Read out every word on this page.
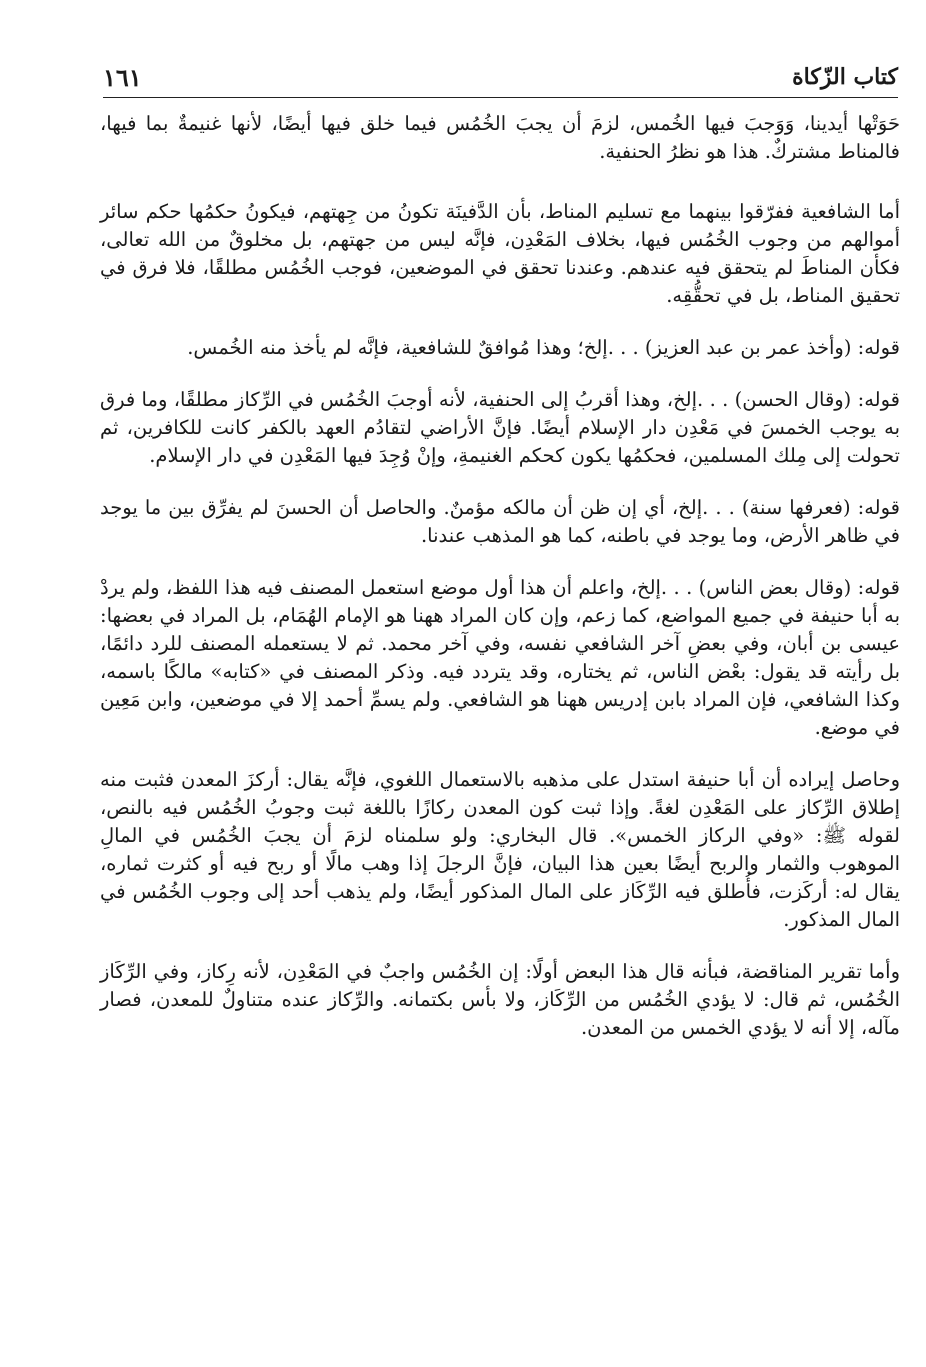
كتاب الزّكاة
١٦١

حَوَتْها أيدينا، وَوَجبَ فيها الخُمس، لزمَ أن يجبَ الخُمُس فيما خلق فيها أيضًا، لأنها غنيمةٌ بما فيها، فالمناط مشتركٌ. هذا هو نظرُ الحنفية.

أما الشافعية ففرّقوا بينهما مع تسليم المناط، بأن الدَّفينَة تكونُ من جِهتهم، فيكونُ حكمُها حكم سائر أموالهم من وجوب الخُمُس فيها، بخلاف المَعْدِن، فإنَّه ليس من جهتهم، بل مخلوقٌ من الله تعالى، فكأن المناطَ لم يتحقق فيه عندهم. وعندنا تحقق في الموضعين، فوجب الخُمُس مطلقًا، فلا فرق في تحقيق المناط، بل في تحقُّقِه.

قوله: (وأخذ عمر بن عبد العزيز) . . .إلخ؛ وهذا مُوافقٌ للشافعية، فإنَّه لم يأخذ منه الخُمس.

قوله: (وقال الحسن) . . .إلخ، وهذا أقربُ إلى الحنفية، لأنه أوجبَ الخُمُس في الرِّكاز مطلقًا، وما فرق به يوجب الخمسَ في مَعْدِن دار الإسلام أيضًا. فإنَّ الأراضي لتقادُم العهد بالكفر كانت للكافرين، ثم تحولت إلى مِلك المسلمين، فحكمُها يكون كحكم الغنيمةِ، وإنْ وُجِدَ فيها المَعْدِن في دار الإسلام.

قوله: (فعرفها سنة) . . .إلخ، أي إن ظن أن مالكه مؤمنٌ. والحاصل أن الحسنَ لم يفرِّق بين ما يوجد في ظاهر الأرض، وما يوجد في باطنه، كما هو المذهب عندنا.

قوله: (وقال بعض الناس) . . .إلخ، واعلم أن هذا أول موضع استعمل المصنف فيه هذا اللفظ، ولم يردْ به أبا حنيفة في جميع المواضع، كما زعم، وإن كان المراد ههنا هو الإمام الهُمَام، بل المراد في بعضها: عيسى بن أبان، وفي بعضِ آخر الشافعي نفسه، وفي آخر محمد. ثم لا يستعمله المصنف للرد دائمًا، بل رأيته قد يقول: بعْض الناس، ثم يختاره، وقد يتردد فيه. وذكر المصنف في «كتابه» مالكًا باسمه، وكذا الشافعي، فإن المراد بابن إدريس ههنا هو الشافعي. ولم يسمِّ أحمد إلا في موضعين، وابن مَعِين في موضع.

وحاصل إيراده أن أبا حنيفة استدل على مذهبه بالاستعمال اللغوي، فإنَّه يقال: أركزَ المعدن فثبت منه إطلاق الرِّكاز على المَعْدِن لغةً. وإذا ثبت كون المعدن ركازًا باللغة ثبت وجوبُ الخُمُس فيه بالنص، لقوله ﷺ: «وفي الركاز الخمس». قال البخاري: ولو سلمناه لزمَ أن يجبَ الخُمُس في المالِ الموهوب والثمار والربح أيضًا بعين هذا البيان، فإنَّ الرجلَ إذا وهب مالًا أو ربح فيه أو كثرت ثماره، يقال له: أركَزت، فأُطلق فيه الرِّكَاز على المال المذكور أيضًا، ولم يذهب أحد إلى وجوب الخُمُس في المال المذكور.

وأما تقرير المناقضة، فبأنه قال هذا البعض أولًا: إن الخُمُس واجبٌ في المَعْدِن، لأنه رِكاز، وفي الرِّكَاز الخُمُس، ثم قال: لا يؤدي الخُمُس من الرِّكَاز، ولا بأس بكتمانه. والرِّكاز عنده متناولٌ للمعدن، فصار مآله، إلا أنه لا يؤدي الخمس من المعدن.
